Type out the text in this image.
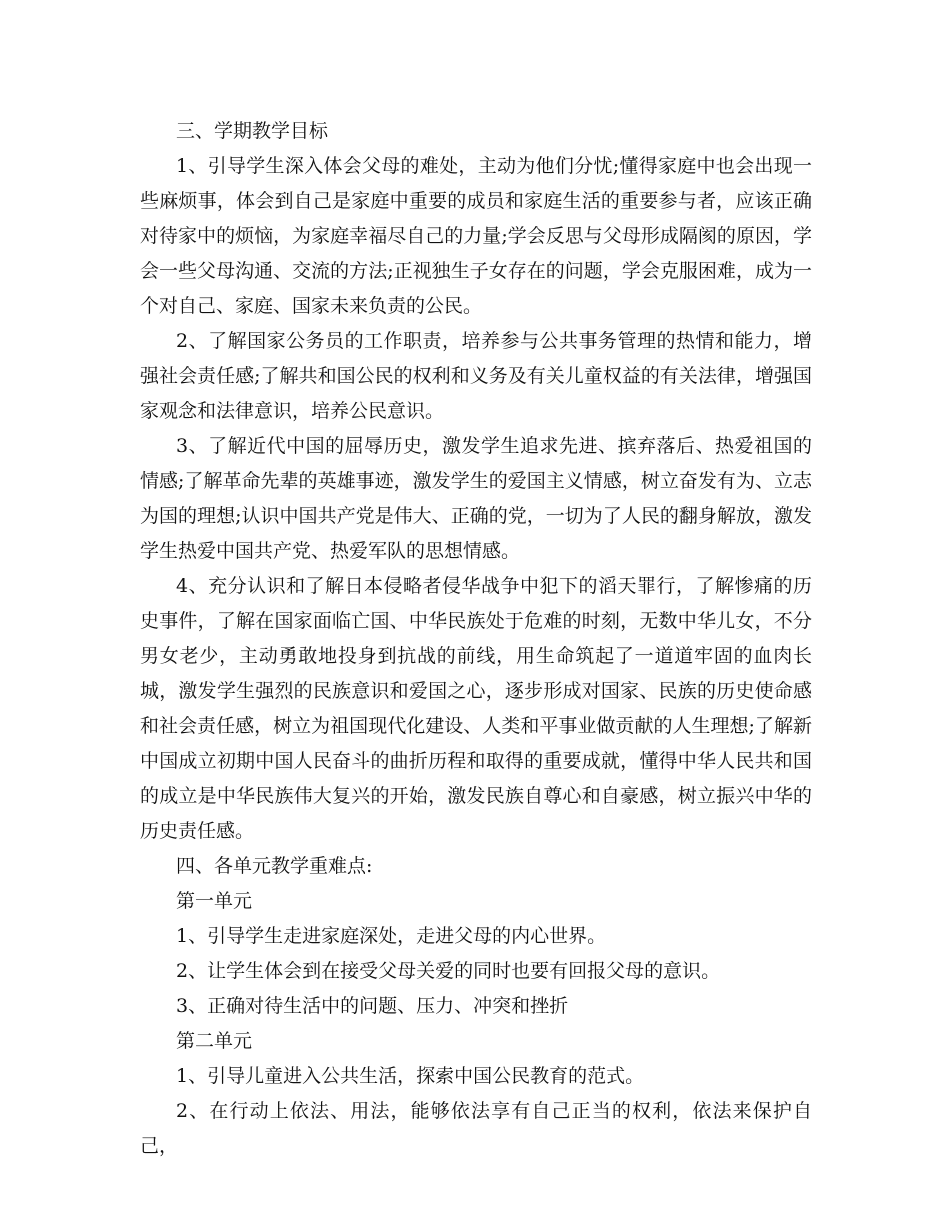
三、学期教学目标

1、引导学生深入体会父母的难处，主动为他们分忧;懂得家庭中也会出现一些麻烦事，体会到自己是家庭中重要的成员和家庭生活的重要参与者，应该正确对待家中的烦恼，为家庭幸福尽自己的力量;学会反思与父母形成隔阂的原因，学会一些父母沟通、交流的方法;正视独生子女存在的问题，学会克服困难，成为一个对自己、家庭、国家未来负责的公民。

2、了解国家公务员的工作职责，培养参与公共事务管理的热情和能力，增强社会责任感;了解共和国公民的权利和义务及有关儿童权益的有关法律，增强国家观念和法律意识，培养公民意识。

3、了解近代中国的屈辱历史，激发学生追求先进、摈弃落后、热爱祖国的情感;了解革命先辈的英雄事迹，激发学生的爱国主义情感，树立奋发有为、立志为国的理想;认识中国共产党是伟大、正确的党，一切为了人民的翻身解放，激发学生热爱中国共产党、热爱军队的思想情感。

4、充分认识和了解日本侵略者侵华战争中犯下的滔天罪行，了解惨痛的历史事件，了解在国家面临亡国、中华民族处于危难的时刻，无数中华儿女，不分男女老少，主动勇敢地投身到抗战的前线，用生命筑起了一道道牢固的血肉长城，激发学生强烈的民族意识和爱国之心，逐步形成对国家、民族的历史使命感和社会责任感，树立为祖国现代化建设、人类和平事业做贡献的人生理想;了解新中国成立初期中国人民奋斗的曲折历程和取得的重要成就，懂得中华人民共和国的成立是中华民族伟大复兴的开始，激发民族自尊心和自豪感，树立振兴中华的历史责任感。

四、各单元教学重难点:

第一单元

1、引导学生走进家庭深处，走进父母的内心世界。

2、让学生体会到在接受父母关爱的同时也要有回报父母的意识。

3、正确对待生活中的问题、压力、冲突和挫折

第二单元

1、引导儿童进入公共生活，探索中国公民教育的范式。

2、在行动上依法、用法，能够依法享有自己正当的权利，依法来保护自己，
